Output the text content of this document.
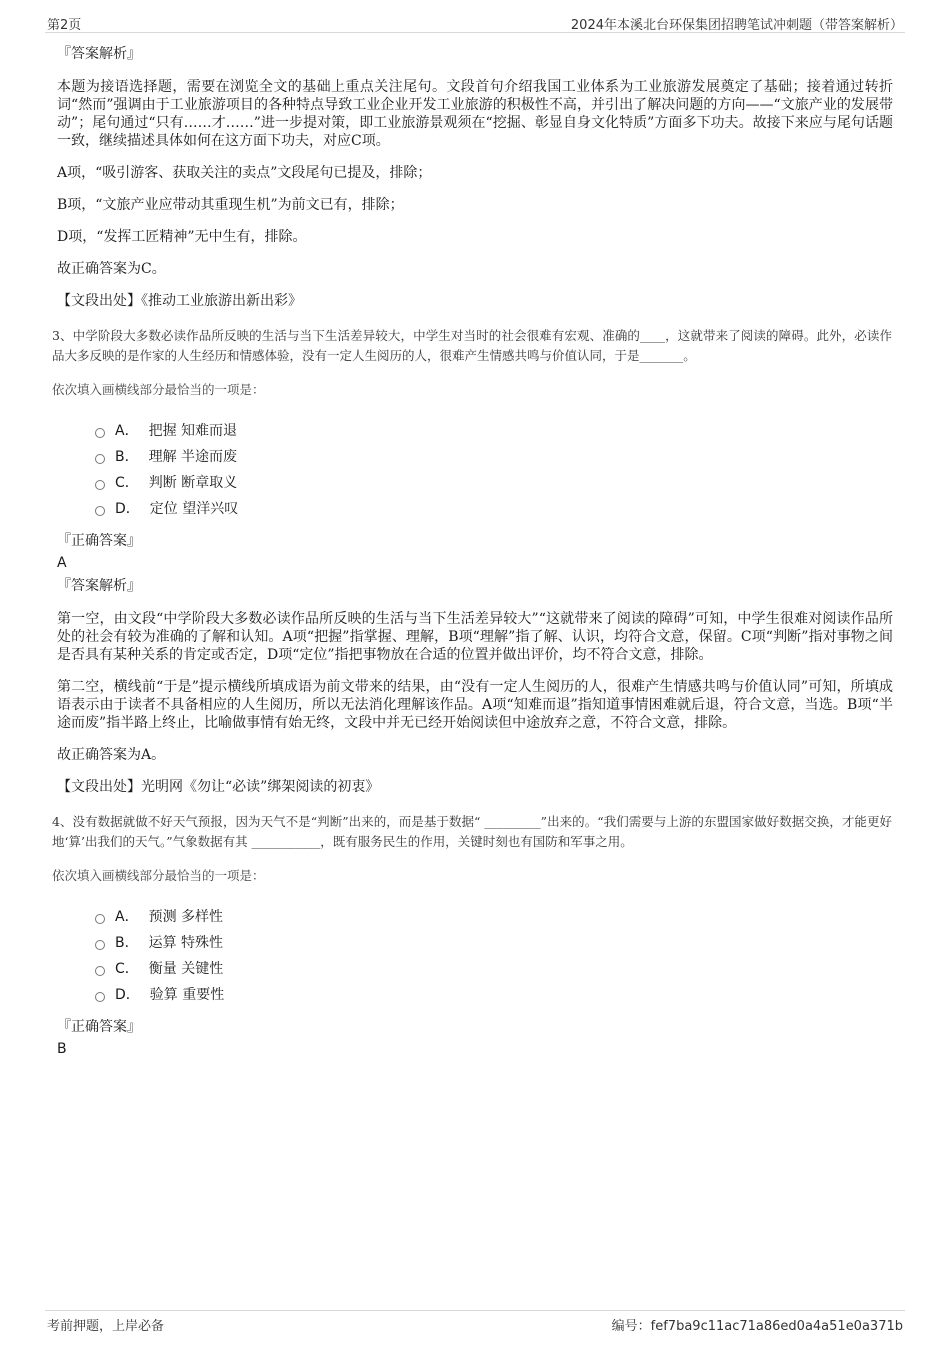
第2页	2024年本溪北台环保集团招聘笔试冲刺题（带答案解析）
『答案解析』
本题为接语选择题，需要在浏览全文的基础上重点关注尾句。文段首句介绍我国工业体系为工业旅游发展奠定了基础；接着通过转折词“然而”强调由于工业旅游项目的各种特点导致工业企业开发工业旅游的积极性不高，并引出了解决问题的方向——“文旅产业的发展带动”；尾句通过“只有……才……”进一步提对策，即工业旅游景观须在“挖掘、彰显自身文化特质”方面多下功夫。故接下来应与尾句话题一致，继续描述具体如何在这方面下功夫，对应C项。
A项，“吸引游客、获取关注的卖点”文段尾句已提及，排除；
B项，“文旅产业应带动其重现生机”为前文已有，排除；
D项，“发挥工匠精神”无中生有，排除。
故正确答案为C。
【文段出处】《推动工业旅游出新出彩》
3、中学阶段大多数必读作品所反映的生活与当下生活差异较大，中学生对当时的社会很难有宏观、准确的____，这就带来了阅读的障碍。此外，必读作品大多反映的是作家的人生经历和情感体验，没有一定人生阅历的人，很难产生情感共鸣与价值认同，于是_______。
依次填入画横线部分最恰当的一项是：
A． 把握 知难而退
B． 理解 半途而废
C． 判断 断章取义
D． 定位 望洋兴叹
『正确答案』
A
『答案解析』
第一空，由文段“中学阶段大多数必读作品所反映的生活与当下生活差异较大”“这就带来了阅读的障碍”可知，中学生很难对阅读作品所处的社会有较为准确的了解和认知。A项“把握”指掌握、理解，B项“理解”指了解、认识，均符合文意，保留。C项“判断”指对事物之间是否具有某种关系的肯定或否定，D项“定位”指把事物放在合适的位置并做出评价，均不符合文意，排除。
第二空，横线前“于是”提示横线所填成语为前文带来的结果，由“没有一定人生阅历的人，很难产生情感共鸣与价值认同”可知，所填成语表示由于读者不具备相应的人生阅历，所以无法消化理解该作品。A项“知难而退”指知道事情困难就后退，符合文意，当选。B项“半途而废”指半路上终止，比喻做事情有始无终，文段中并无已经开始阅读但中途放弃之意，不符合文意，排除。
故正确答案为A。
【文段出处】光明网《勿让“必读”绑架阅读的初衷》
4、没有数据就做不好天气预报，因为天气不是“判断”出来的，而是基于数据“ _________”出来的。“我们需要与上游的东盟国家做好数据交换，才能更好地‘算’出我们的天气。”气象数据有其 ___________，既有服务民生的作用，关键时刻也有国防和军事之用。
依次填入画横线部分最恰当的一项是：
A． 预测 多样性
B． 运算 特殊性
C． 衡量 关键性
D． 验算 重要性
『正确答案』
B
考前押题，上岸必备	编号：fef7ba9c11ac71a86ed0a4a51e0a371b
